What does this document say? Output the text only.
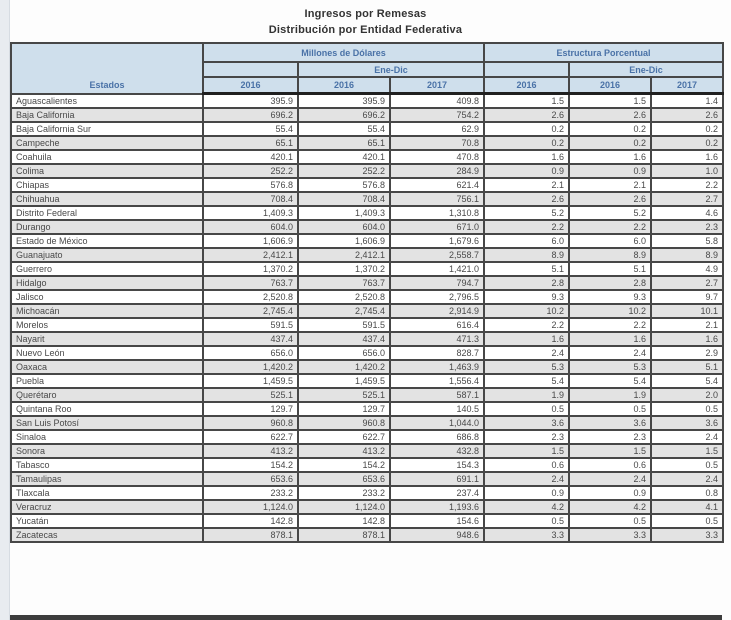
Ingresos por Remesas
Distribución por Entidad Federativa
Estados	Millones de Dólares			Estructura Porcentual		
		Ene-Dic			Ene-Dic	
	2016	2016	2017	2016	2016	2017
Aguascalientes	395.9	395.9	409.8	1.5	1.5	1.4
Baja California	696.2	696.2	754.2	2.6	2.6	2.6
Baja California Sur	55.4	55.4	62.9	0.2	0.2	0.2
Campeche	65.1	65.1	70.8	0.2	0.2	0.2
Coahuila	420.1	420.1	470.8	1.6	1.6	1.6
Colima	252.2	252.2	284.9	0.9	0.9	1.0
Chiapas	576.8	576.8	621.4	2.1	2.1	2.2
Chihuahua	708.4	708.4	756.1	2.6	2.6	2.7
Distrito Federal	1,409.3	1,409.3	1,310.8	5.2	5.2	4.6
Durango	604.0	604.0	671.0	2.2	2.2	2.3
Estado de México	1,606.9	1,606.9	1,679.6	6.0	6.0	5.8
Guanajuato	2,412.1	2,412.1	2,558.7	8.9	8.9	8.9
Guerrero	1,370.2	1,370.2	1,421.0	5.1	5.1	4.9
Hidalgo	763.7	763.7	794.7	2.8	2.8	2.7
Jalisco	2,520.8	2,520.8	2,796.5	9.3	9.3	9.7
Michoacán	2,745.4	2,745.4	2,914.9	10.2	10.2	10.1
Morelos	591.5	591.5	616.4	2.2	2.2	2.1
Nayarit	437.4	437.4	471.3	1.6	1.6	1.6
Nuevo León	656.0	656.0	828.7	2.4	2.4	2.9
Oaxaca	1,420.2	1,420.2	1,463.9	5.3	5.3	5.1
Puebla	1,459.5	1,459.5	1,556.4	5.4	5.4	5.4
Querétaro	525.1	525.1	587.1	1.9	1.9	2.0
Quintana Roo	129.7	129.7	140.5	0.5	0.5	0.5
San Luis Potosí	960.8	960.8	1,044.0	3.6	3.6	3.6
Sinaloa	622.7	622.7	686.8	2.3	2.3	2.4
Sonora	413.2	413.2	432.8	1.5	1.5	1.5
Tabasco	154.2	154.2	154.3	0.6	0.6	0.5
Tamaulipas	653.6	653.6	691.1	2.4	2.4	2.4
Tlaxcala	233.2	233.2	237.4	0.9	0.9	0.8
Veracruz	1,124.0	1,124.0	1,193.6	4.2	4.2	4.1
Yucatán	142.8	142.8	154.6	0.5	0.5	0.5
Zacatecas	878.1	878.1	948.6	3.3	3.3	3.3
